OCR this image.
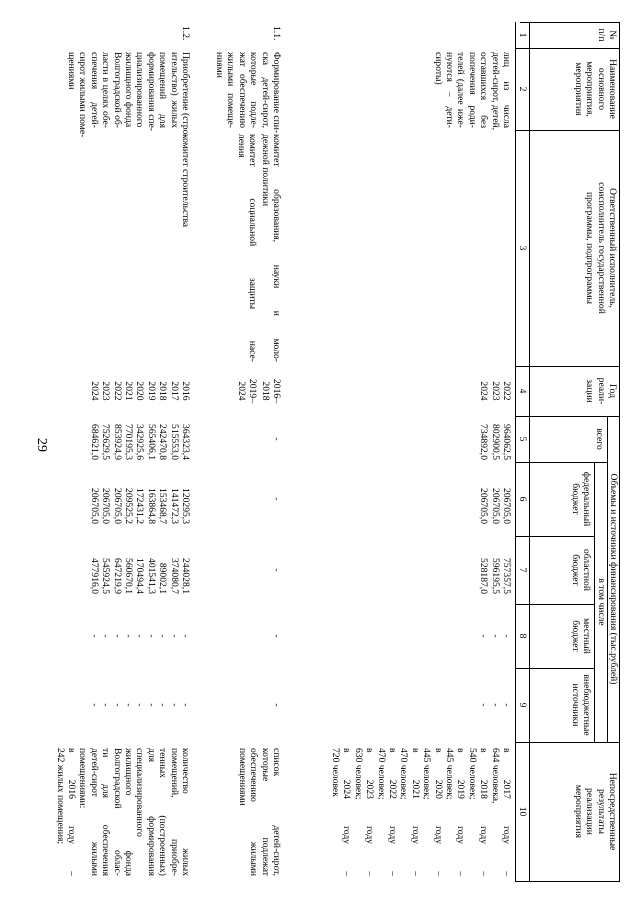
29
№
п/п
Наименование
основного
мероприятия,
мероприятия
Ответственный исполнитель,
соисполнитель государственной
программы, подпрограммы
Год
реали-
зации
Объемы и источники финансирования (тыс.рублей)
всего
в том числе
федеральный
бюджет
областной
бюджет
местный
бюджет
внебюджетные
источники
Непосредственные
результаты
реализации
мероприятия
1
2
3
4
5
6
7
8
9
10
лиц из числа
детей-сирот, детей,
оставшихся без
попечения роди-
телей (далее иже-
нуются – дети-
сироты)
2022
2023
2024
964062,5
802900,5
734892,0
206705,0
206705,0
206705,0
757357,5
596195,5
528187,0
-
-
-
-
-
-
в 2017 году –
644 человека,
в 2018 году –
540 человек;
в 2019 году –
445 человек;
в 2020 году –
445 человек;
в 2021 году –
470 человек;
в 2022 году –
470 человек;
в 2023 году –
630 человек;
в 2024 году –
720 человек
1.1.
Формирование спи-
ска детей-сирот,
которые подле-
жат обеспечению
жилыми помеще-
ниями
комитет образования, науки и моло-
дежной политики
комитет социальной защиты насе-
ления
2016–
2018
2019–
2024
-
-
-
-
-
список детей-сирот,
которые подлежат
обеспечению жилыми
помещениями
1.2.
Приобретение (стро-
ительство) жилых
помещений для
формирования спе-
циализированного
жилищного фонда
Волгоградской об-
ласти в целях обе-
спечения детей-
сирот жилыми поме-
щениями
комитет строительства
2016
2017
2018
2019
2020
2021
2022
2023
2024
364323,4
515553,0
242470,8
565406,1
342925,6
770195,3
853924,9
752629,5
684621,0
120295,3
141472,3
153468,7
163864,8
172431,2
209525,2
206705,0
206705,0
206705,0
244028,1
374080,7
89002,1
401541,3
170494,4
560670,1
647219,9
545924,5
477916,0
-
-
-
-
-
-
-
-
-
-
-
-
-
-
-
-
-
-
количество жилых
помещений, приобре-
тенных (построенных)
для формирования
специализированного
жилищного фонда
Волгоградской облас-
ти для обеспечения
детей-сирот жилыми
помещениями:
в 2016 году –
242 жилых помещения;
